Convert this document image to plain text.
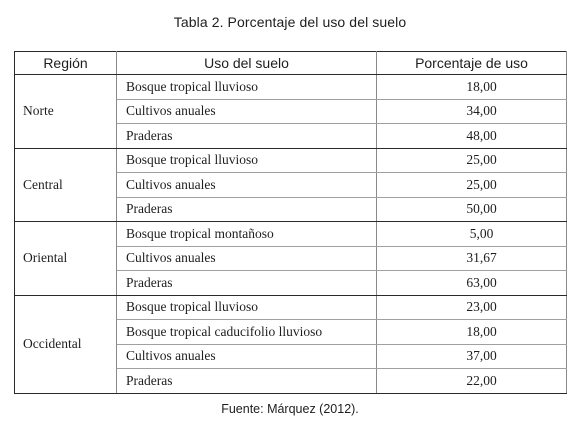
Tabla 2. Porcentaje del uso del suelo
Región	Uso del suelo	Porcentaje de uso
Norte	Bosque tropical lluvioso	18,00
	Cultivos anuales	34,00
	Praderas	48,00
Central	Bosque tropical lluvioso	25,00
	Cultivos anuales	25,00
	Praderas	50,00
Oriental	Bosque tropical montañoso	5,00
	Cultivos anuales	31,67
	Praderas	63,00
Occidental	Bosque tropical lluvioso	23,00
	Bosque tropical caducifolio lluvioso	18,00
	Cultivos anuales	37,00
	Praderas	22,00
Fuente: Márquez (2012).
